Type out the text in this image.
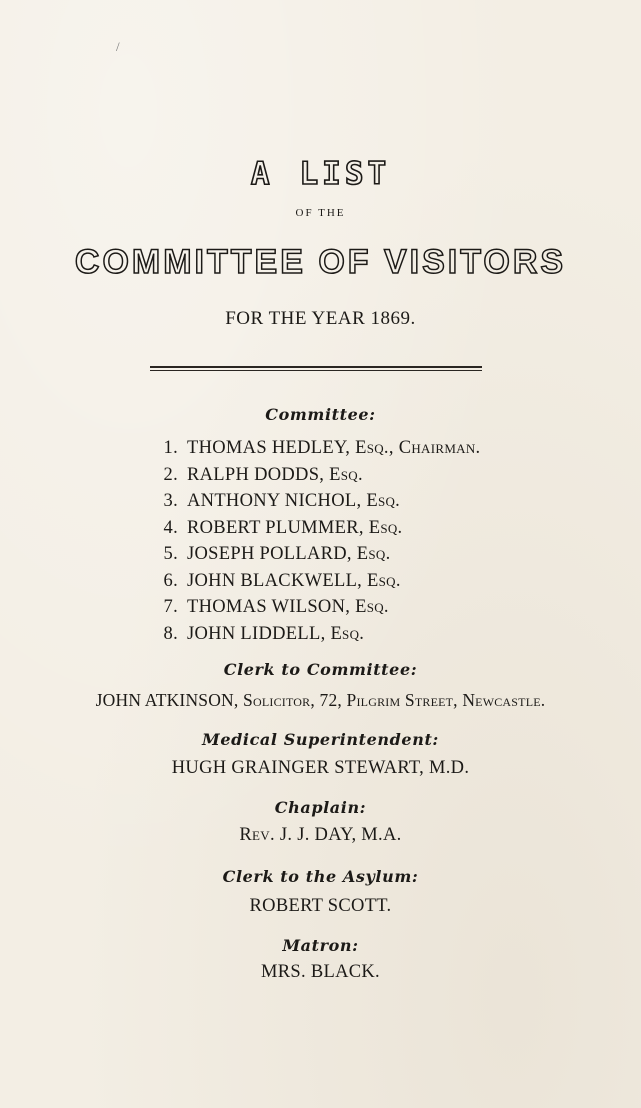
/
A LIST
OF THE
COMMITTEE OF VISITORS
FOR THE YEAR 1869.
Committee:
1. THOMAS HEDLEY, Esq., Chairman.
2. RALPH DODDS, Esq.
3. ANTHONY NICHOL, Esq.
4. ROBERT PLUMMER, Esq.
5. JOSEPH POLLARD, Esq.
6. JOHN BLACKWELL, Esq.
7. THOMAS WILSON, Esq.
8. JOHN LIDDELL, Esq.
Clerk to Committee:
JOHN ATKINSON, Solicitor, 72, Pilgrim Street, Newcastle.
Medical Superintendent:
HUGH GRAINGER STEWART, M.D.
Chaplain:
Rev. J. J. DAY, M.A.
Clerk to the Asylum:
ROBERT SCOTT.
Matron:
MRS. BLACK.
